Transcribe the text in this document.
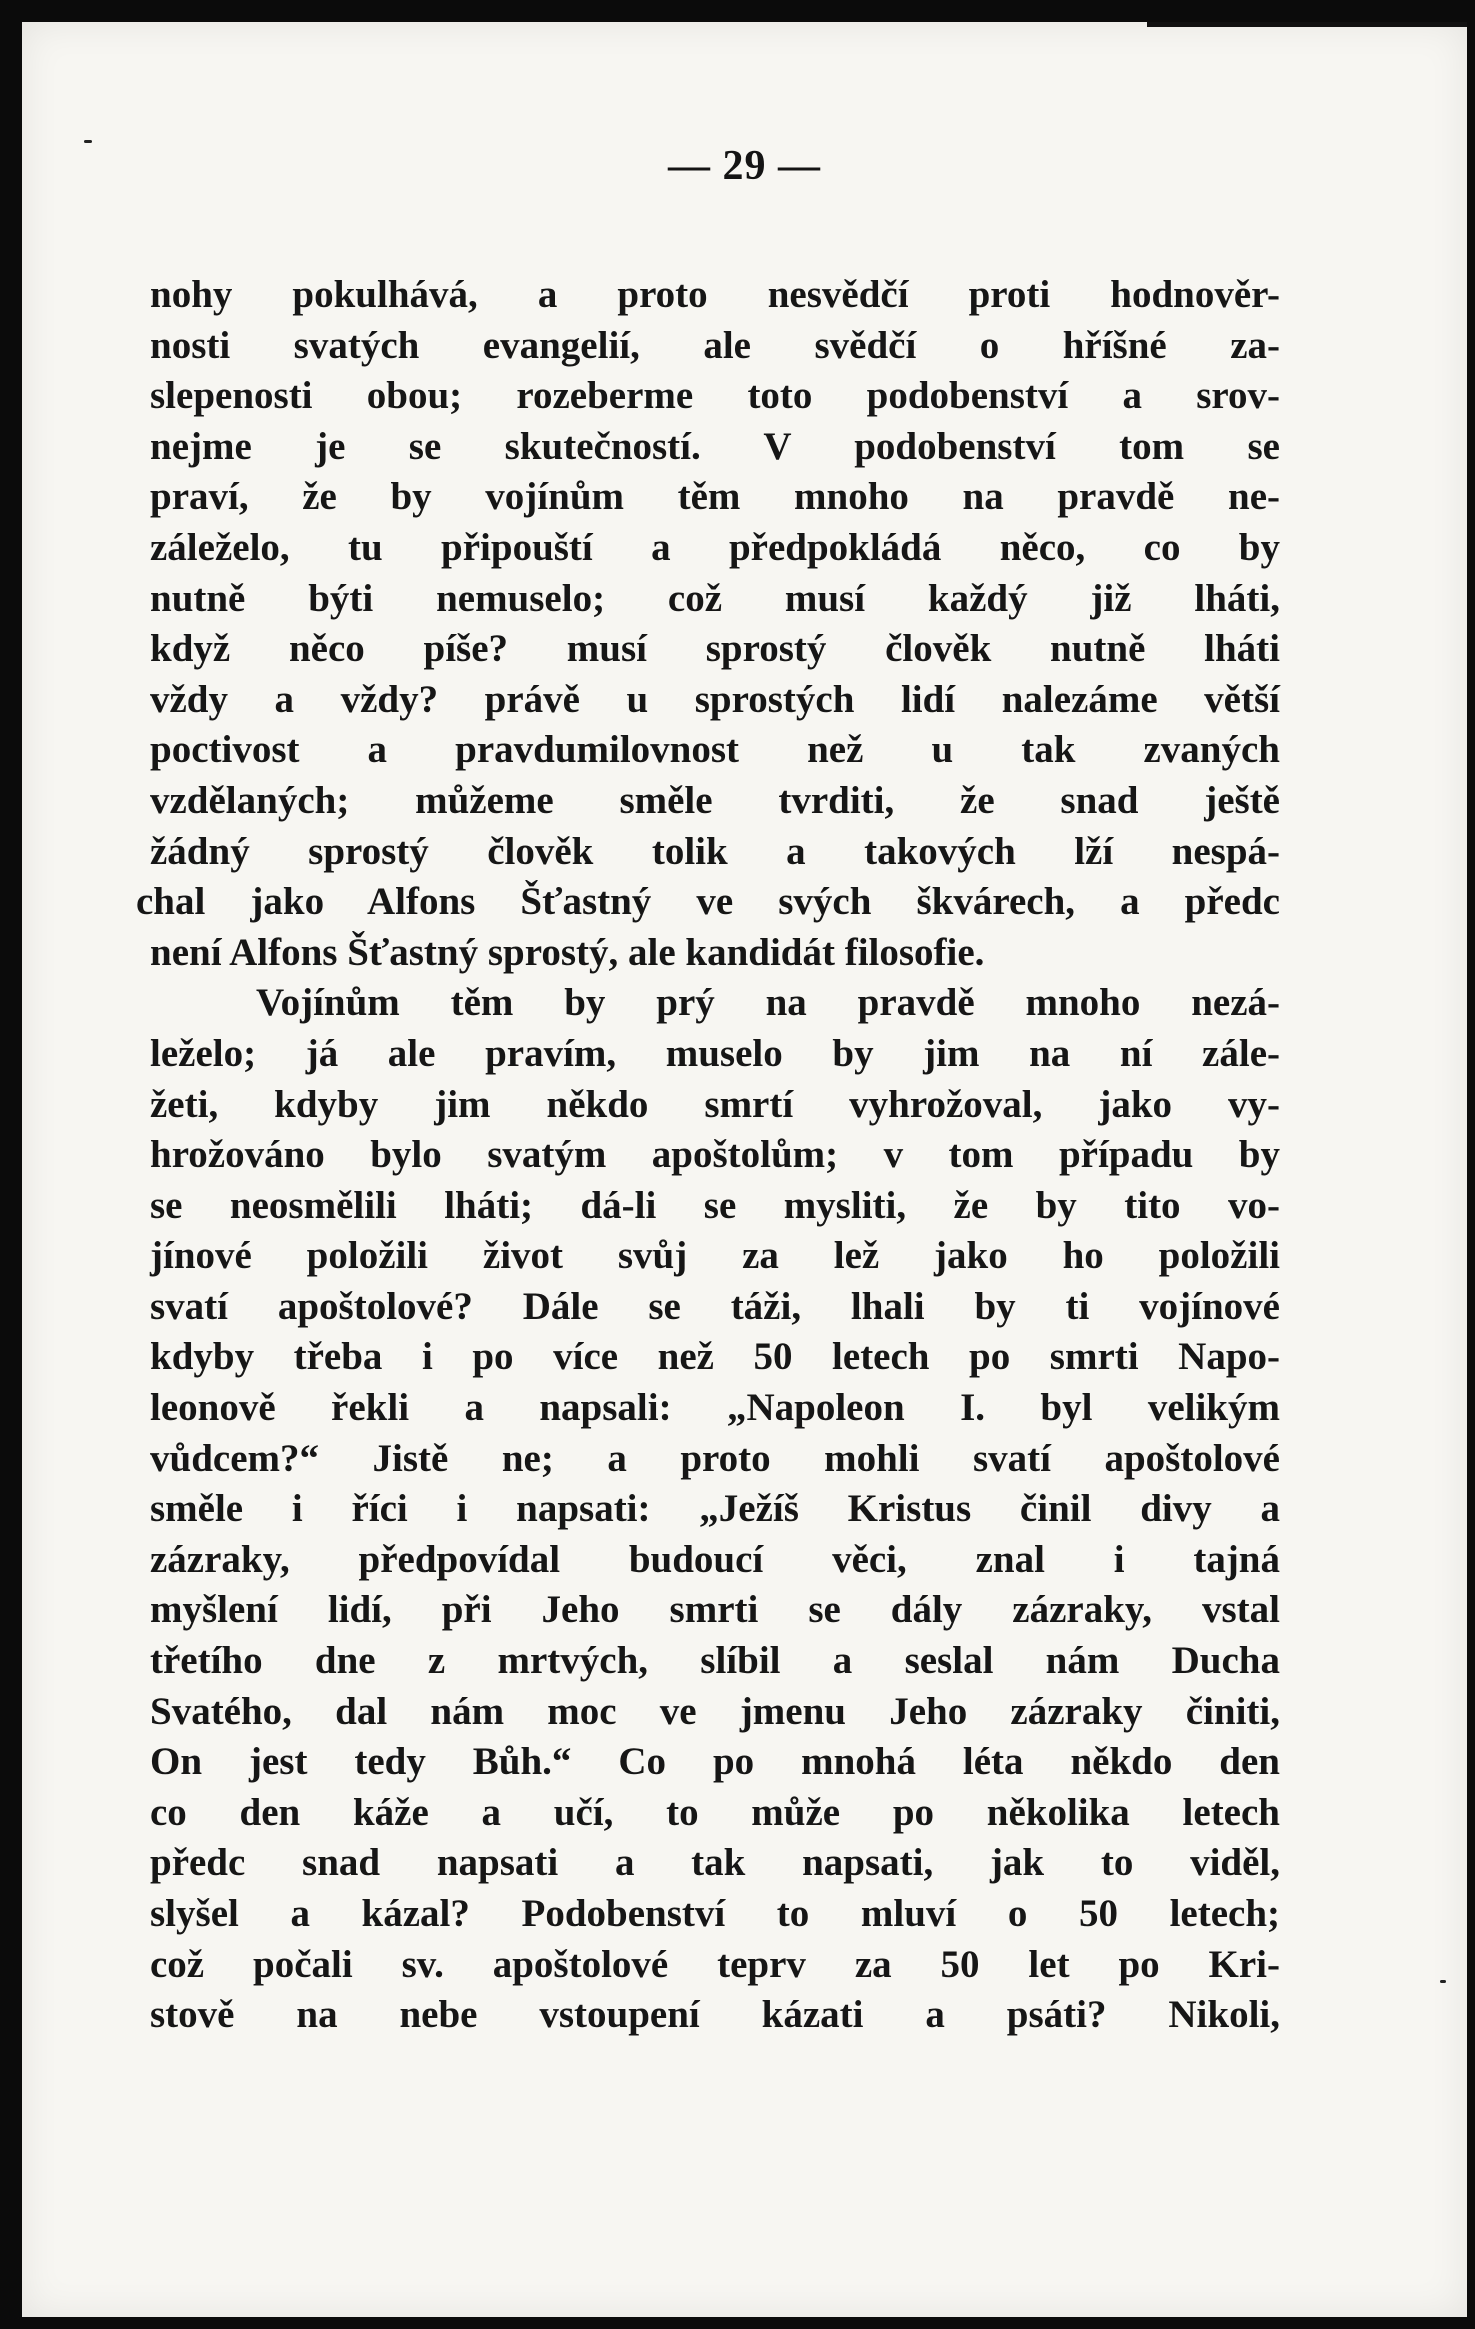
— 29 —
nohy pokulhává, a proto nesvědčí proti hodnověr-
nosti svatých evangelií, ale svědčí o hříšné za-
slepenosti obou; rozeberme toto podobenství a srov-
nejme je se skutečností. V podobenství tom se
praví, že by vojínům těm mnoho na pravdě ne-
záleželo, tu připouští a předpokládá něco, co by
nutně býti nemuselo; což musí každý již lháti,
když něco píše? musí sprostý člověk nutně lháti
vždy a vždy? právě u sprostých lidí nalezáme větší
poctivost a pravdumilovnost než u tak zvaných
vzdělaných; můžeme směle tvrditi, že snad ještě
žádný sprostý člověk tolik a takových lží nespá-
chal jako Alfons Šťastný ve svých škvárech, a předc
není Alfons Šťastný sprostý, ale kandidát filosofie.
Vojínům těm by prý na pravdě mnoho nezá-
leželo; já ale pravím, muselo by jim na ní zále-
žeti, kdyby jim někdo smrtí vyhrožoval, jako vy-
hrožováno bylo svatým apoštolům; v tom případu by
se neosmělili lháti; dá-li se mysliti, že by tito vo-
jínové položili život svůj za lež jako ho položili
svatí apoštolové? Dále se táži, lhali by ti vojínové
kdyby třeba i po více než 50 letech po smrti Napo-
leonově řekli a napsali: „Napoleon I. byl velikým
vůdcem?“ Jistě ne; a proto mohli svatí apoštolové
směle i říci i napsati: „Ježíš Kristus činil divy a
zázraky, předpovídal budoucí věci, znal i tajná
myšlení lidí, při Jeho smrti se dály zázraky, vstal
třetího dne z mrtvých, slíbil a seslal nám Ducha
Svatého, dal nám moc ve jmenu Jeho zázraky činiti,
On jest tedy Bůh.“ Co po mnohá léta někdo den
co den káže a učí, to může po několika letech
předc snad napsati a tak napsati, jak to viděl,
slyšel a kázal? Podobenství to mluví o 50 letech;
což počali sv. apoštolové teprv za 50 let po Kri-
stově na nebe vstoupení kázati a psáti? Nikoli,
